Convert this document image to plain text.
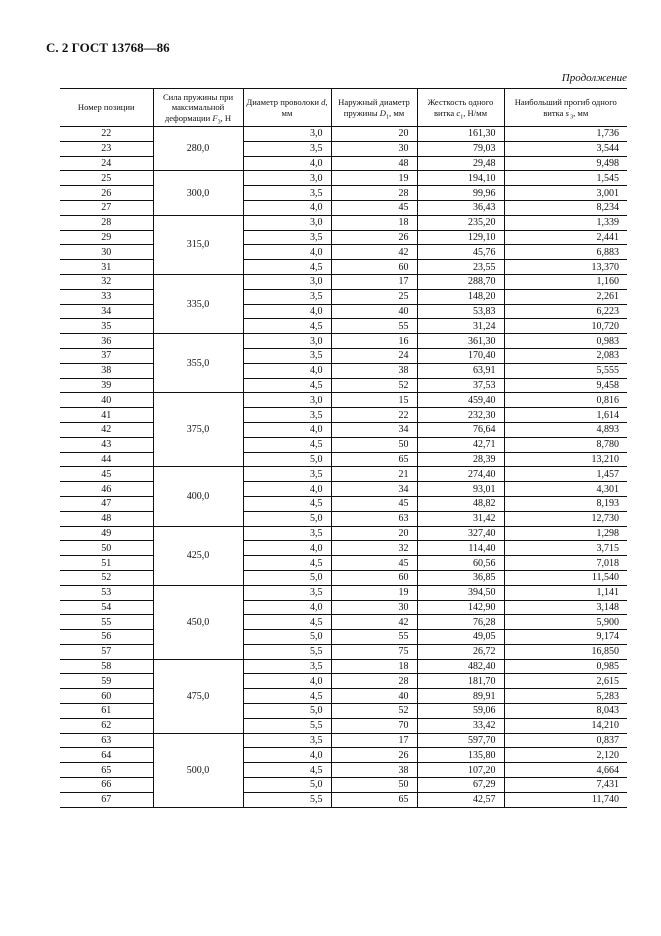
С. 2 ГОСТ 13768—86
Продолжение
Номер позиции	Сила пружины при максимальной деформации $F_3$, Н	Диаметр проволоки d, мм	Наружный диаметр пружины $D_1$, мм	Жесткость одного витка $c_1$, Н/мм	Наибольший прогиб одного витка $s'_3$, мм
22	280,0	3,0	20	161,30	1,736
23		3,5	30	79,03	3,544
24		4,0	48	29,48	9,498
25	300,0	3,0	19	194,10	1,545
26		3,5	28	99,96	3,001
27		4,0	45	36,43	8,234
28	315,0	3,0	18	235,20	1,339
29		3,5	26	129,10	2,441
30		4,0	42	45,76	6,883
31		4,5	60	23,55	13,370
32	335,0	3,0	17	288,70	1,160
33		3,5	25	148,20	2,261
34		4,0	40	53,83	6,223
35		4,5	55	31,24	10,720
36	355,0	3,0	16	361,30	0,983
37		3,5	24	170,40	2,083
38		4,0	38	63,91	5,555
39		4,5	52	37,53	9,458
40	375,0	3,0	15	459,40	0,816
41		3,5	22	232,30	1,614
42		4,0	34	76,64	4,893
43		4,5	50	42,71	8,780
44		5,0	65	28,39	13,210
45	400,0	3,5	21	274,40	1,457
46		4,0	34	93,01	4,301
47		4,5	45	48,82	8,193
48		5,0	63	31,42	12,730
49	425,0	3,5	20	327,40	1,298
50		4,0	32	114,40	3,715
51		4,5	45	60,56	7,018
52		5,0	60	36,85	11,540
53	450,0	3,5	19	394,50	1,141
54		4,0	30	142,90	3,148
55		4,5	42	76,28	5,900
56		5,0	55	49,05	9,174
57		5,5	75	26,72	16,850
58	475,0	3,5	18	482,40	0,985
59		4,0	28	181,70	2,615
60		4,5	40	89,91	5,283
61		5,0	52	59,06	8,043
62		5,5	70	33,42	14,210
63	500,0	3,5	17	597,70	0,837
64		4,0	26	135,80	2,120
65		4,5	38	107,20	4,664
66		5,0	50	67,29	7,431
67		5,5	65	42,57	11,740
